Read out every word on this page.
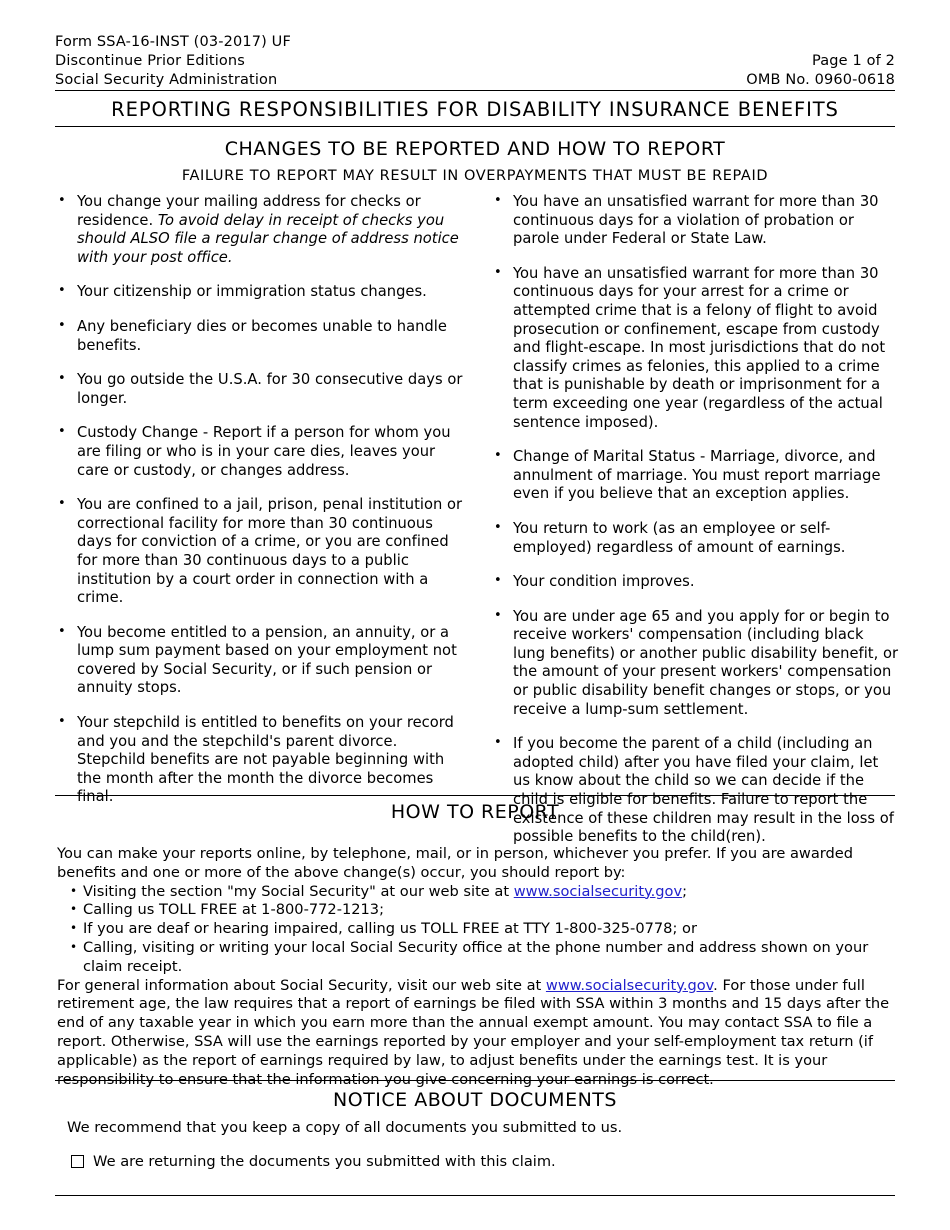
Form SSA-16-INST (03-2017) UF
Discontinue Prior Editions	Page 1 of 2
Social Security Administration	OMB No. 0960-0618
REPORTING RESPONSIBILITIES FOR DISABILITY INSURANCE BENEFITS
CHANGES TO BE REPORTED AND HOW TO REPORT
FAILURE TO REPORT MAY RESULT IN OVERPAYMENTS THAT MUST BE REPAID
• You change your mailing address for checks or residence. To avoid delay in receipt of checks you should ALSO file a regular change of address notice with your post office.
• Your citizenship or immigration status changes.
• Any beneficiary dies or becomes unable to handle benefits.
• You go outside the U.S.A. for 30 consecutive days or longer.
• Custody Change - Report if a person for whom you are filing or who is in your care dies, leaves your care or custody, or changes address.
• You are confined to a jail, prison, penal institution or correctional facility for more than 30 continuous days for conviction of a crime, or you are confined for more than 30 continuous days to a public institution by a court order in connection with a crime.
• You become entitled to a pension, an annuity, or a lump sum payment based on your employment not covered by Social Security, or if such pension or annuity stops.
• Your stepchild is entitled to benefits on your record and you and the stepchild's parent divorce. Stepchild benefits are not payable beginning with the month after the month the divorce becomes final.
• You have an unsatisfied warrant for more than 30 continuous days for a violation of probation or parole under Federal or State Law.
• You have an unsatisfied warrant for more than 30 continuous days for your arrest for a crime or attempted crime that is a felony of flight to avoid prosecution or confinement, escape from custody and flight-escape. In most jurisdictions that do not classify crimes as felonies, this applied to a crime that is punishable by death or imprisonment for a term exceeding one year (regardless of the actual sentence imposed).
• Change of Marital Status - Marriage, divorce, and annulment of marriage. You must report marriage even if you believe that an exception applies.
• You return to work (as an employee or self-employed) regardless of amount of earnings.
• Your condition improves.
• You are under age 65 and you apply for or begin to receive workers' compensation (including black lung benefits) or another public disability benefit, or the amount of your present workers' compensation or public disability benefit changes or stops, or you receive a lump-sum settlement.
• If you become the parent of a child (including an adopted child) after you have filed your claim, let us know about the child so we can decide if the child is eligible for benefits. Failure to report the existence of these children may result in the loss of possible benefits to the child(ren).
HOW TO REPORT

You can make your reports online, by telephone, mail, or in person, whichever you prefer. If you are awarded benefits and one or more of the above change(s) occur, you should report by:

• Visiting the section "my Social Security" at our web site at www.socialsecurity.gov;
• Calling us TOLL FREE at 1-800-772-1213;
• If you are deaf or hearing impaired, calling us TOLL FREE at TTY 1-800-325-0778; or
• Calling, visiting or writing your local Social Security office at the phone number and address shown on your claim receipt.

For general information about Social Security, visit our web site at www.socialsecurity.gov. For those under full retirement age, the law requires that a report of earnings be filed with SSA within 3 months and 15 days after the end of any taxable year in which you earn more than the annual exempt amount. You may contact SSA to file a report. Otherwise, SSA will use the earnings reported by your employer and your self-employment tax return (if applicable) as the report of earnings required by law, to adjust benefits under the earnings test. It is your responsibility to ensure that the information you give concerning your earnings is correct.

NOTICE ABOUT DOCUMENTS
We recommend that you keep a copy of all documents you submitted to us.
We are returning the documents you submitted with this claim.
